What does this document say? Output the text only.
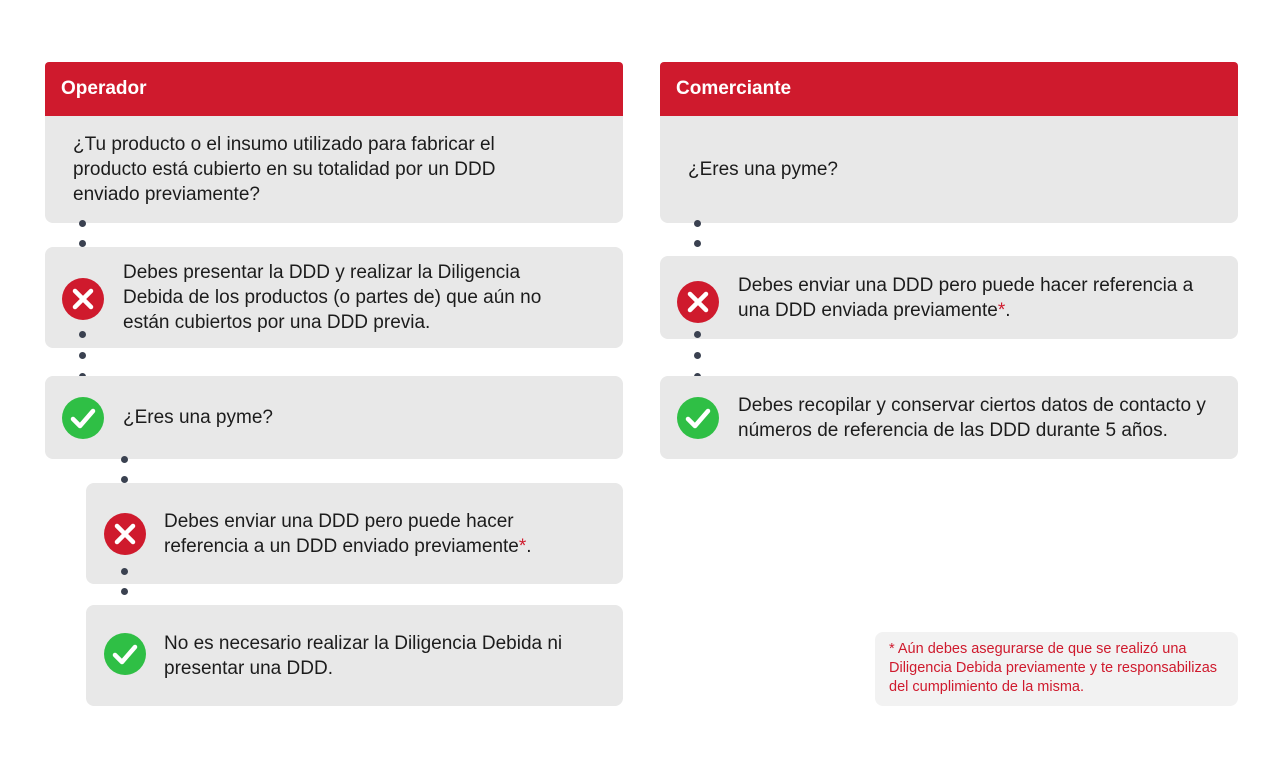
Operador
¿Tu producto o el insumo utilizado para fabricar el producto está cubierto en su totalidad por un DDD enviado previamente?
Debes presentar la DDD y realizar la Diligencia Debida de los productos (o partes de) que aún no están cubiertos por una DDD previa.
¿Eres una pyme?
Debes enviar una DDD pero puede hacer referencia a un DDD enviado previamente*.
No es necesario realizar la Diligencia Debida ni presentar una DDD.
Comerciante
¿Eres una pyme?
Debes enviar una DDD pero puede hacer referencia a una DDD enviada previamente*.
Debes recopilar y conservar ciertos datos de contacto y números de referencia de las DDD durante 5 años.
* Aún debes asegurarse de que se realizó una Diligencia Debida previamente y te responsabilizas del cumplimiento de la misma.
